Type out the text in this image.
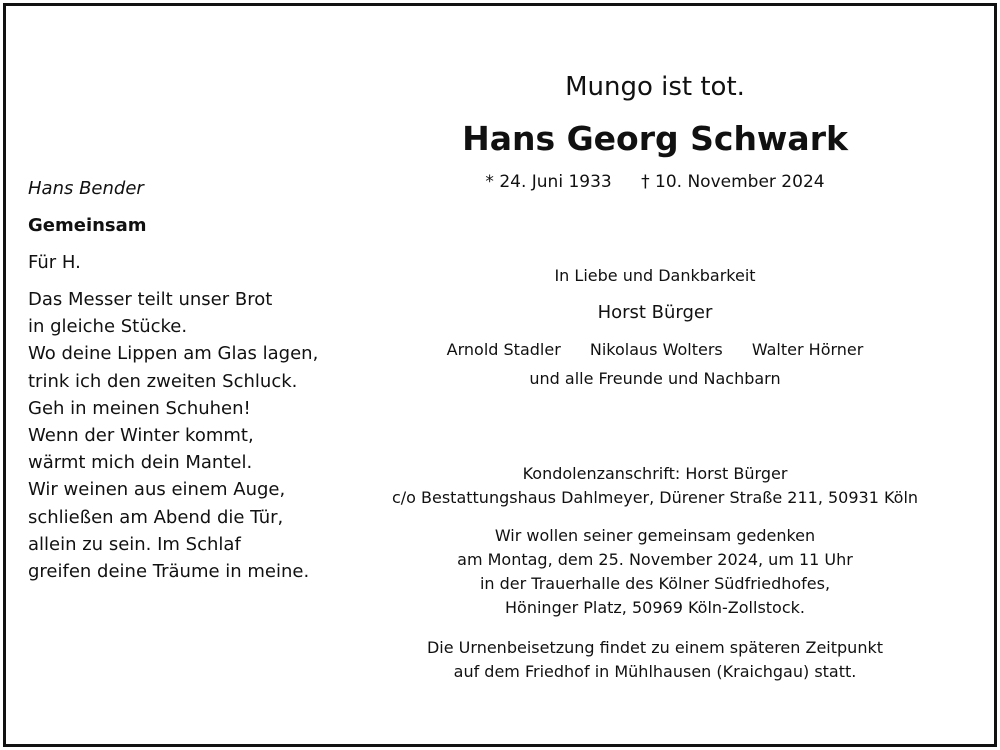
Hans Bender
Gemeinsam
Für H.
Das Messer teilt unser Brot
in gleiche Stücke.
Wo deine Lippen am Glas lagen,
trink ich den zweiten Schluck.
Geh in meinen Schuhen!
Wenn der Winter kommt,
wärmt mich dein Mantel.
Wir weinen aus einem Auge,
schließen am Abend die Tür,
allein zu sein. Im Schlaf
greifen deine Träume in meine.
Mungo ist tot.
Hans Georg Schwark
* 24. Juni 1933 † 10. November 2024
In Liebe und Dankbarkeit
Horst Bürger
Arnold Stadler Nikolaus Wolters Walter Hörner
und alle Freunde und Nachbarn
Kondolenzanschrift: Horst Bürger
c/o Bestattungshaus Dahlmeyer, Dürener Straße 211, 50931 Köln
Wir wollen seiner gemeinsam gedenken
am Montag, dem 25. November 2024, um 11 Uhr
in der Trauerhalle des Kölner Südfriedhofes,
Höninger Platz, 50969 Köln-Zollstock.
Die Urnenbeisetzung findet zu einem späteren Zeitpunkt
auf dem Friedhof in Mühlhausen (Kraichgau) statt.
